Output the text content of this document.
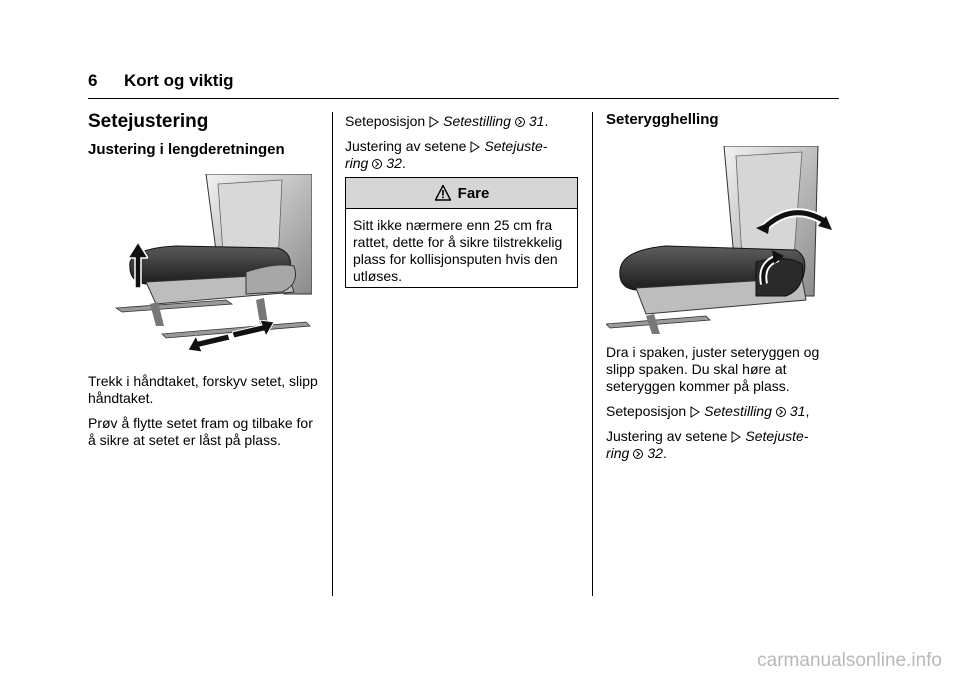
6 Kort og viktig
Setejustering
Justering i lengderetningen

Trekk i håndtaket, forskyv setet, slipp håndtaket.

Prøv å flytte setet fram og tilbake for å sikre at setet er låst på plass.

Seteposisjon Setestilling 31.

Justering av setene Setejuste-
ring 32.

Fare
Sitt ikke nærmere enn 25 cm fra rattet, dette for å sikre tilstrekkelig plass for kollisjonsputen hvis den utløses.
Seterygghelling

Dra i spaken, juster seteryggen og slipp spaken. Du skal høre at seteryggen kommer på plass.

Seteposisjon Setestilling 31,

Justering av setene Setejuste-
ring 32.

carmanualsonline.info
